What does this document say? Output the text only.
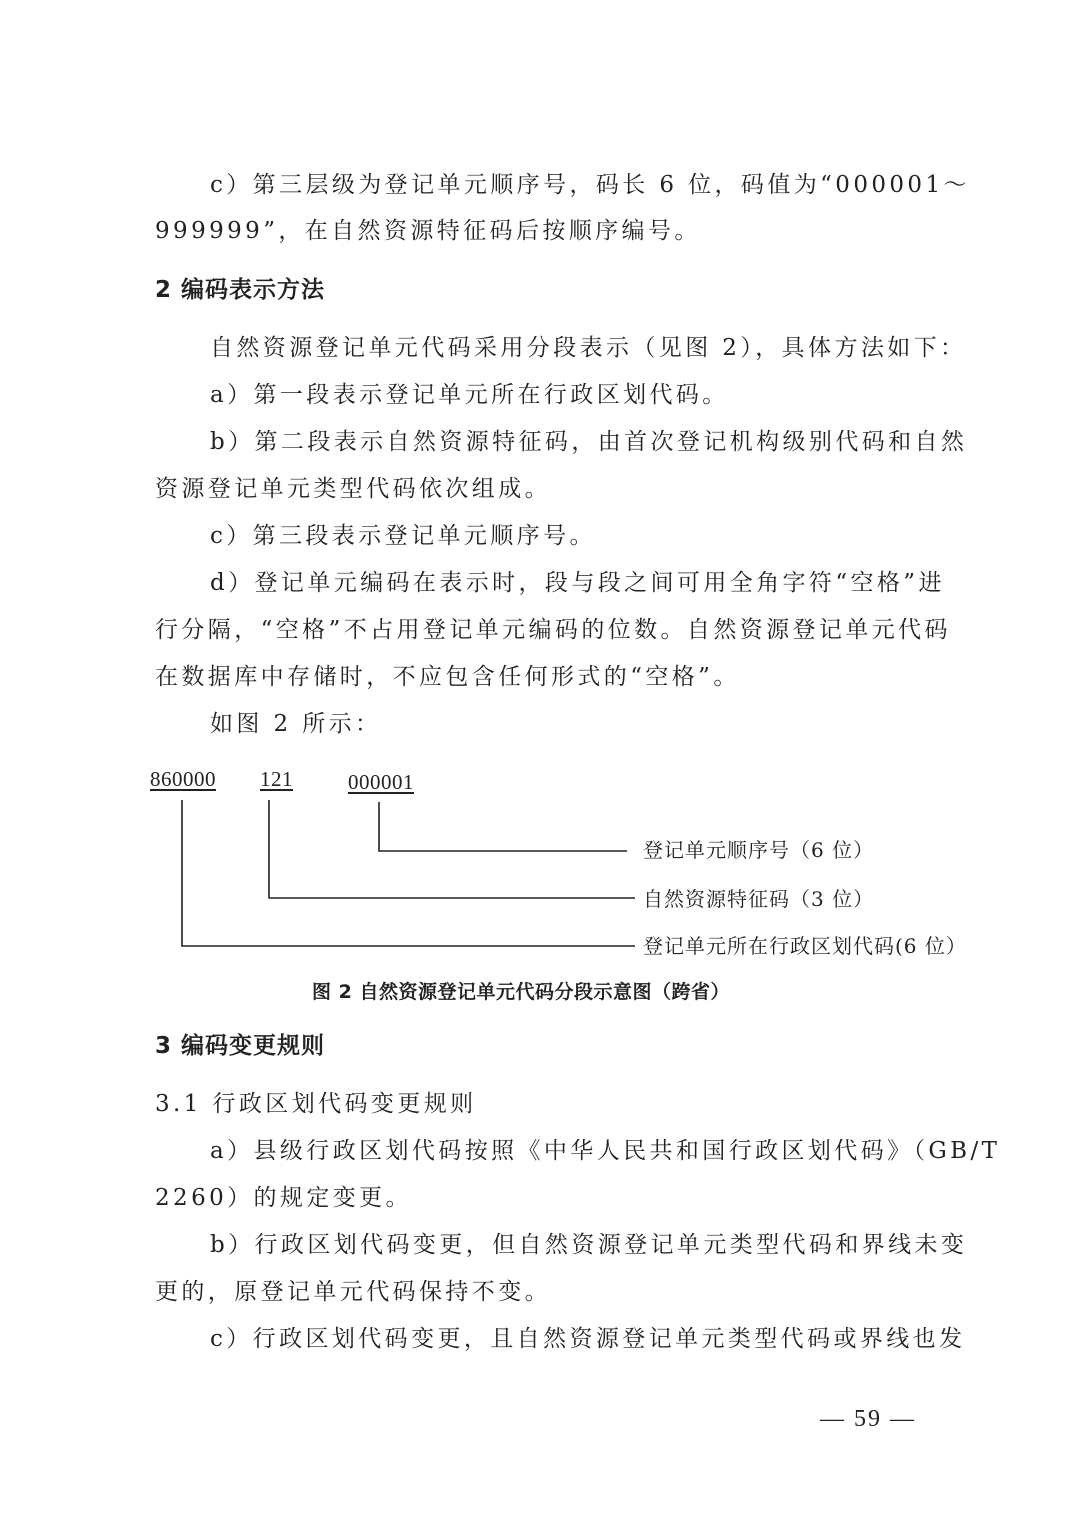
c）第三层级为登记单元顺序号，码长 6 位，码值为“000001～
999999”，在自然资源特征码后按顺序编号。
2 编码表示方法
自然资源登记单元代码采用分段表示（见图 2），具体方法如下：
a）第一段表示登记单元所在行政区划代码。
b）第二段表示自然资源特征码，由首次登记机构级别代码和自然
资源登记单元类型代码依次组成。
c）第三段表示登记单元顺序号。
d）登记单元编码在表示时，段与段之间可用全角字符“空格”进
行分隔，“空格”不占用登记单元编码的位数。自然资源登记单元代码
在数据库中存储时，不应包含任何形式的“空格”。
如图 2 所示：
860000 121	000001
登记单元顺序号（6 位）
自然资源特征码（3 位）
登记单元所在行政区划代码(6 位）
图 2 自然资源登记单元代码分段示意图（跨省）
3 编码变更规则
3.1 行政区划代码变更规则
a）县级行政区划代码按照《中华人民共和国行政区划代码》（GB/T
2260）的规定变更。
b）行政区划代码变更，但自然资源登记单元类型代码和界线未变
更的，原登记单元代码保持不变。
c）行政区划代码变更，且自然资源登记单元类型代码或界线也发
— 59 —
